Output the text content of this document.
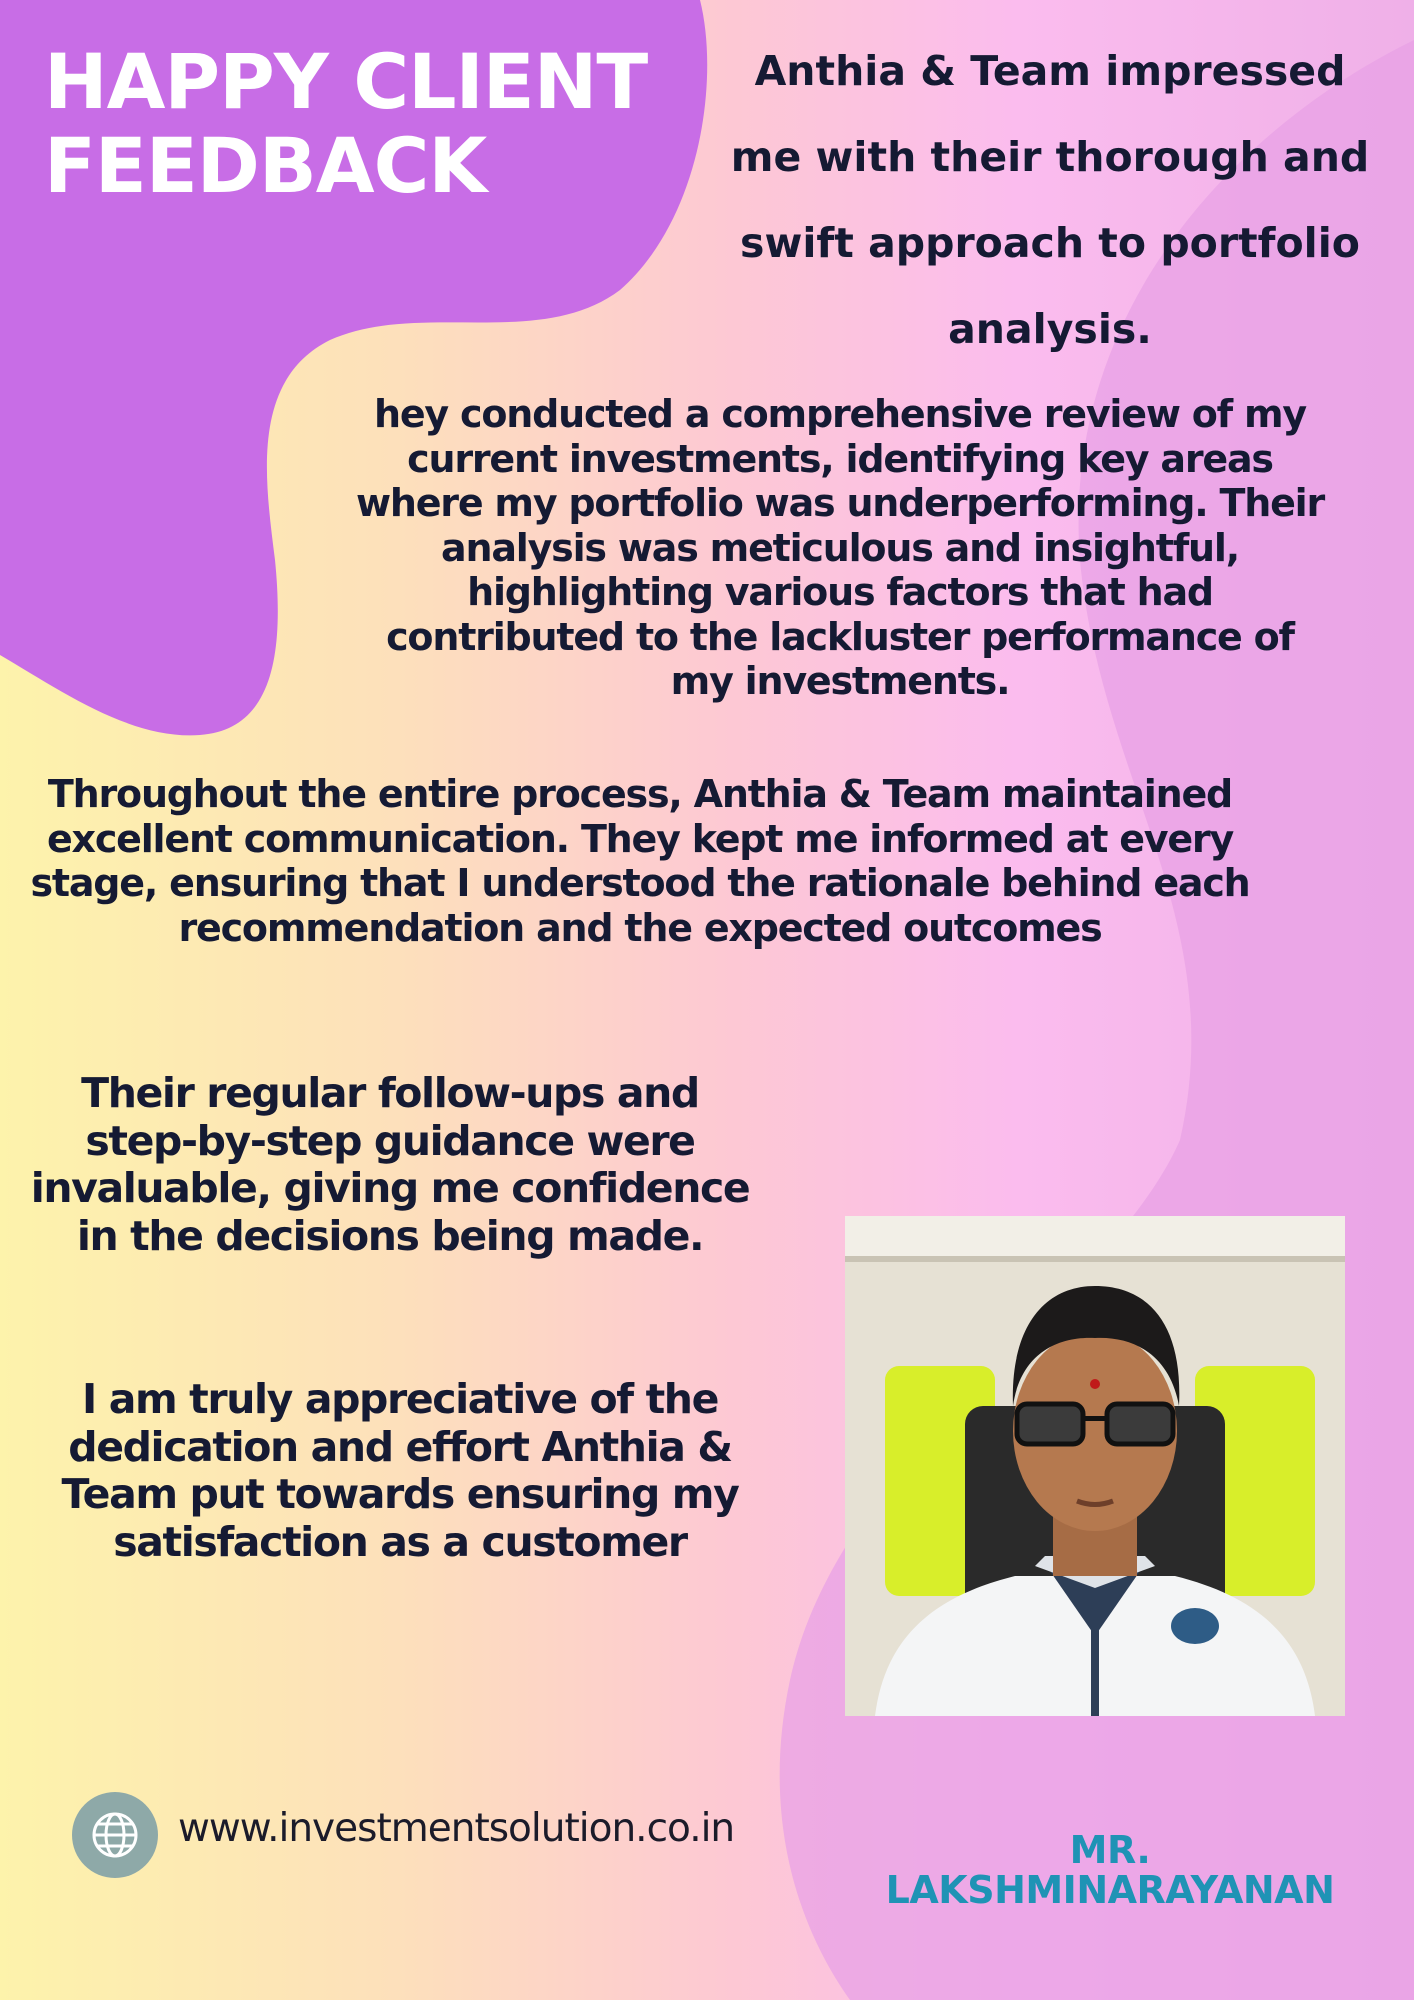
HAPPY CLIENT
FEEDBACK

Anthia & Team impressed me with their thorough and swift approach to portfolio analysis.

hey conducted a comprehensive review of my current investments, identifying key areas where my portfolio was underperforming. Their analysis was meticulous and insightful, highlighting various factors that had contributed to the lackluster performance of my investments.

Throughout the entire process, Anthia & Team maintained excellent communication. They kept me informed at every stage, ensuring that I understood the rationale behind each recommendation and the expected outcomes

Their regular follow-ups and step-by-step guidance were invaluable, giving me confidence in the decisions being made.

I am truly appreciative of the dedication and effort Anthia & Team put towards ensuring my satisfaction as a customer

www.investmentsolution.co.in	MR.
LAKSHMINARAYANAN
